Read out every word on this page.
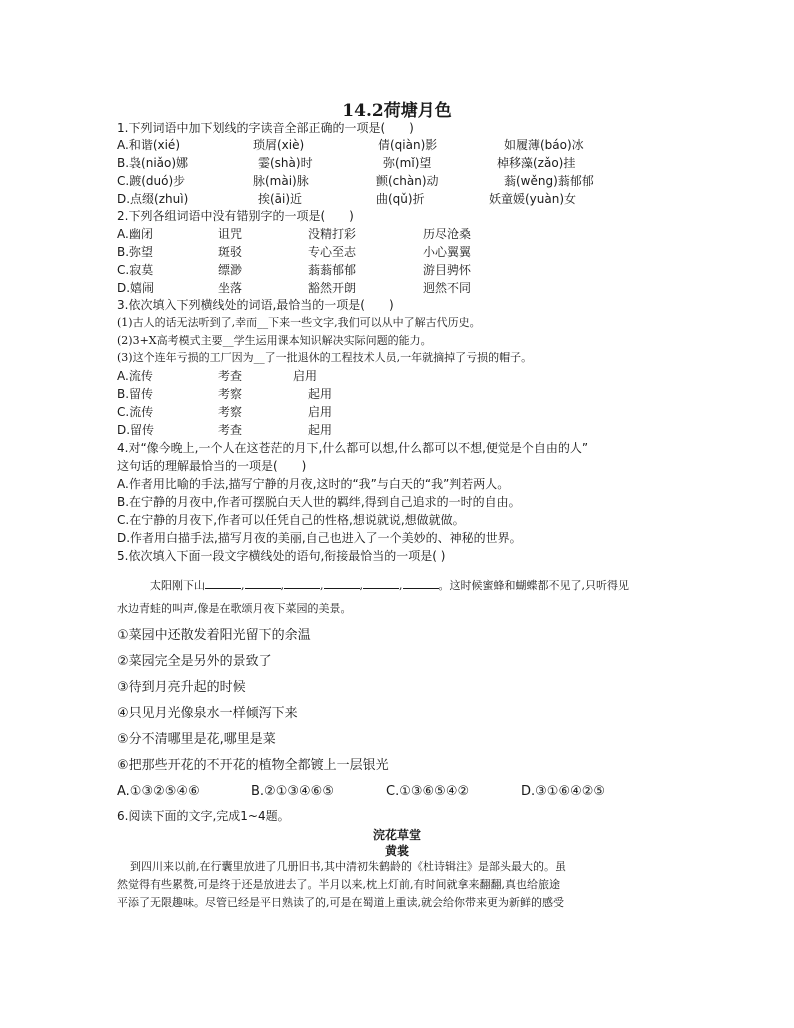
14.2荷塘月色
1.下列词语中加下划线的字读音全部正确的一项是(　　)
A.和谐(xié)	琐屑(xiè)	倩(qiàn)影	如履薄(báo)冰
B.袅(niǎo)娜	霎(shà)时	弥(mǐ)望	棹移藻(zǎo)挂
C.踱(duó)步	脉(mài)脉	颤(chàn)动	蓊(wěng)蓊郁郁
D.点缀(zhuì)	挨(āi)近	曲(qǔ)折	妖童媛(yuàn)女
2.下列各组词语中没有错别字的一项是(　　)
A.幽闭	诅咒	没精打彩	历尽沧桑
B.弥望	斑驳	专心至志	小心翼翼
C.寂莫	缥渺	蓊蓊郁郁	游目骋怀
D.嬉闹	坐落	豁然开朗	迥然不同
3.依次填入下列横线处的词语,最恰当的一项是(　　)
(1)古人的话无法听到了,幸而__下来一些文字,我们可以从中了解古代历史。
(2)3+X高考模式主要__学生运用课本知识解决实际问题的能力。
(3)这个连年亏损的工厂因为__了一批退休的工程技术人员,一年就摘掉了亏损的帽子。
A.流传	考查	启用
B.留传	考察	起用
C.流传	考察	启用
D.留传	考查	起用
4.对“像今晚上,一个人在这苍茫的月下,什么都可以想,什么都可以不想,便觉是个自由的人”
这句话的理解最恰当的一项是(　　)
A.作者用比喻的手法,描写宁静的月夜,这时的“我”与白天的“我”判若两人。
B.在宁静的月夜中,作者可摆脱白天人世的羁绊,得到自己追求的一时的自由。
C.在宁静的月夜下,作者可以任凭自己的性格,想说就说,想做就做。
D.作者用白描手法,描写月夜的美丽,自己也进入了一个美妙的、神秘的世界。
5.依次填入下面一段文字横线处的语句,衔接最恰当的一项是( )
太阳刚下山	,	,	,	,	,	。这时候蜜蜂和蝴蝶都不见了,只听得见
水边青蛙的叫声,像是在歌颂月夜下菜园的美景。
①菜园中还散发着阳光留下的余温
②菜园完全是另外的景致了
③待到月亮升起的时候
④只见月光像泉水一样倾泻下来
⑤分不清哪里是花,哪里是菜
⑥把那些开花的不开花的植物全都镀上一层银光
A.①③②⑤④⑥	B.②①③④⑥⑤	C.①③⑥⑤④②	D.③①⑥④②⑤
6.阅读下面的文字,完成1~4题。
浣花草堂
黄裳
到四川来以前,在行囊里放进了几册旧书,其中清初朱鹤龄的《杜诗辑注》是部头最大的。虽
然觉得有些累赘,可是终于还是放进去了。半月以来,枕上灯前,有时间就拿来翻翻,真也给旅途
平添了无限趣味。尽管已经是平日熟读了的,可是在蜀道上重读,就会给你带来更为新鲜的感受
